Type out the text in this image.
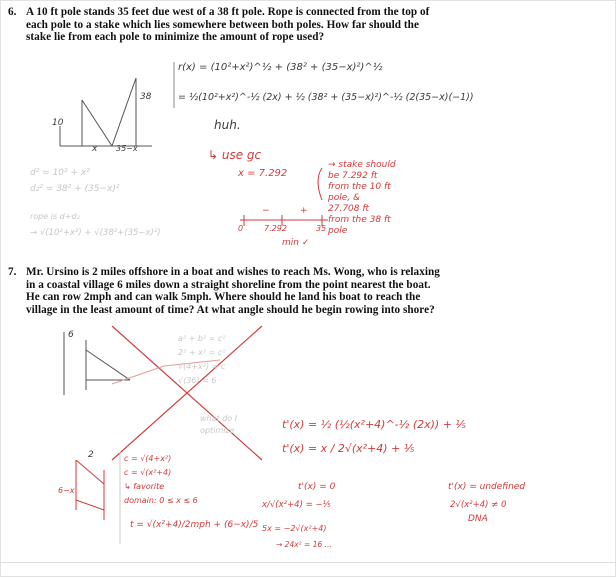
6. A 10 ft pole stands 35 feet due west of a 38 ft pole. Rope is connected from the top of
each pole to a stake which lies somewhere between both poles. How far should the
stake lie from each pole to minimize the amount of rope used?
7. Mr. Ursino is 2 miles offshore in a boat and wishes to reach Ms. Wong, who is relaxing
in a coastal village 6 miles down a straight shoreline from the point nearest the boat.
He can row 2mph and can walk 5mph. Where should he land his boat to reach the
village in the least amount of time? At what angle should he begin rowing into shore?
r(x) = (10²+x²)^½ + (38² + (35−x)²)^½
= ½(10²+x²)^-½ (2x) + ½ (38² + (35−x)²)^-½ (2(35−x)(−1))
huh.
↳ use gc
x = 7.292
10
38
x 35−x
d² = 10² + x²
d₂² = 38² + (35−x)²
rope is d+d₂
→ √(10²+x²) + √(38²+(35−x)²)
→ stake should
be 7.292 ft
from the 10 ft
pole, &
27.708 ft
from the 38 ft
pole
−	+
0	7.292	35
min ✓
a² + b² = c²
2² + x² = c²
√(4+x²) = c
√(36) = 6
what do I
optimize
6
2
6−x
c = √(4+x²)
c = √(x²+4)
↳ favorite
domain: 0 ≤ x ≤ 6
t = √(x²+4)/2mph + (6−x)/5
t'(x) = ½ (½(x²+4)^-½ (2x)) + ⅕
t'(x) = x / 2√(x²+4) + ⅕
t'(x) = 0
x/√(x²+4) = −⅕
5x = −2√(x²+4)
→ 24x² = 16 ...
t'(x) = undefined
2√(x²+4) ≠ 0
DNA
